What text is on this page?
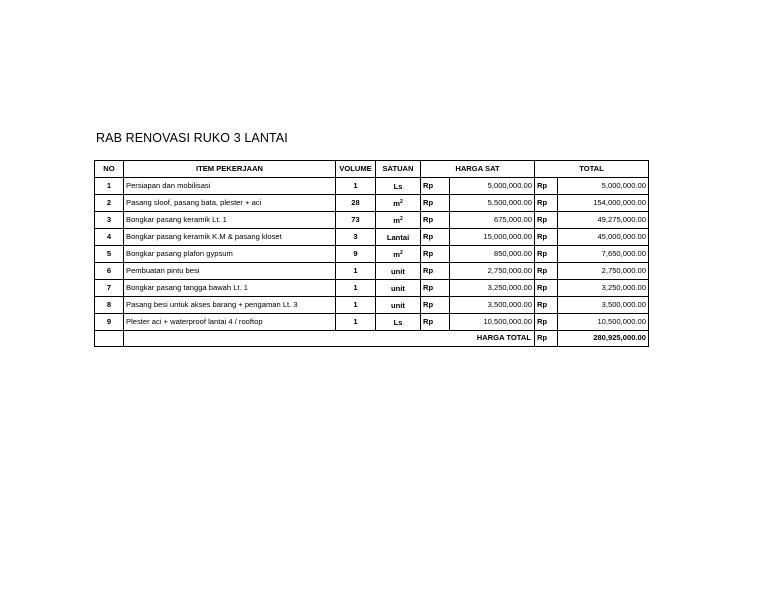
RAB RENOVASI RUKO 3 LANTAI
NO	ITEM PEKERJAAN	VOLUME	SATUAN	HARGA SAT		TOTAL	
1	Persiapan dan mobilisasi	1	Ls	Rp	5,000,000.00	Rp	5,000,000.00
2	Pasang sloof, pasang bata, plester + aci	28	$m^2$	Rp	5,500,000.00	Rp	154,000,000.00
3	Bongkar pasang keramik Lt. 1	73	$m^2$	Rp	675,000.00	Rp	49,275,000.00
4	Bongkar pasang keramik K.M & pasang kloset	3	Lantai	Rp	15,000,000.00	Rp	45,000,000.00
5	Bongkar pasang plafon gypsum	9	$m^2$	Rp	850,000.00	Rp	7,650,000.00
6	Pembuatan pintu besi	1	unit	Rp	2,750,000.00	Rp	2,750,000.00
7	Bongkar pasang tangga bawah Lt. 1	1	unit	Rp	3,250,000.00	Rp	3,250,000.00
8	Pasang besi untuk akses barang + pengaman Lt. 3	1	unit	Rp	3,500,000.00	Rp	3,500,000.00
9	Plester aci + waterproof lantai 4 / rooftop	1	Ls	Rp	10,500,000.00	Rp	10,500,000.00
	HARGA TOTAL					Rp	280,925,000.00
